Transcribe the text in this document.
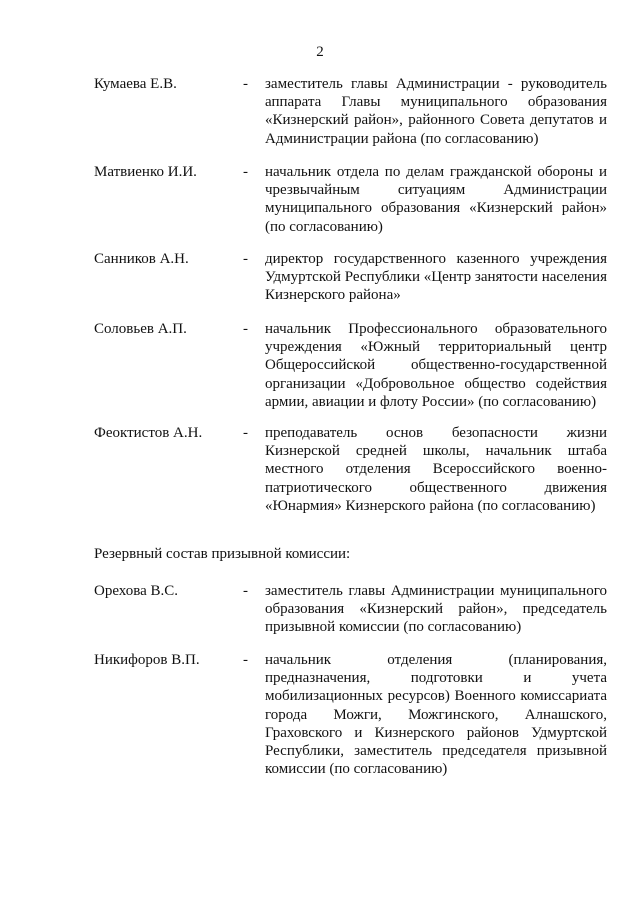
2
Кумаева Е.В.	- заместитель главы Администрации - руководитель аппарата Главы муниципального образования «Кизнерский район», районного Совета депутатов и Администрации района (по согласованию)
Матвиенко И.И.	- начальник отдела по делам гражданской обороны и чрезвычайным ситуациям Администрации муниципального образования «Кизнерский район» (по согласованию)
Санников А.Н.	- директор государственного казенного учреждения Удмуртской Республики «Центр занятости населения Кизнерского района»
Соловьев А.П.	- начальник Профессионального образовательного учреждения «Южный территориальный центр Общероссийской общественно-государственной организации «Добровольное общество содействия армии, авиации и флоту России» (по согласованию)
Феоктистов А.Н.	- преподаватель основ безопасности жизни Кизнерской средней школы, начальник штаба местного отделения Всероссийского военно-патриотического общественного движения «Юнармия» Кизнерского района (по согласованию)
Резервный состав призывной комиссии:
Орехова В.С.	- заместитель главы Администрации муниципального образования «Кизнерский район», председатель призывной комиссии (по согласованию)
Никифоров В.П.	- начальник отделения (планирования, предназначения, подготовки и учета мобилизационных ресурсов) Военного комиссариата города Можги, Можгинского, Алнашского, Граховского и Кизнерского районов Удмуртской Республики, заместитель председателя призывной комиссии (по согласованию)
